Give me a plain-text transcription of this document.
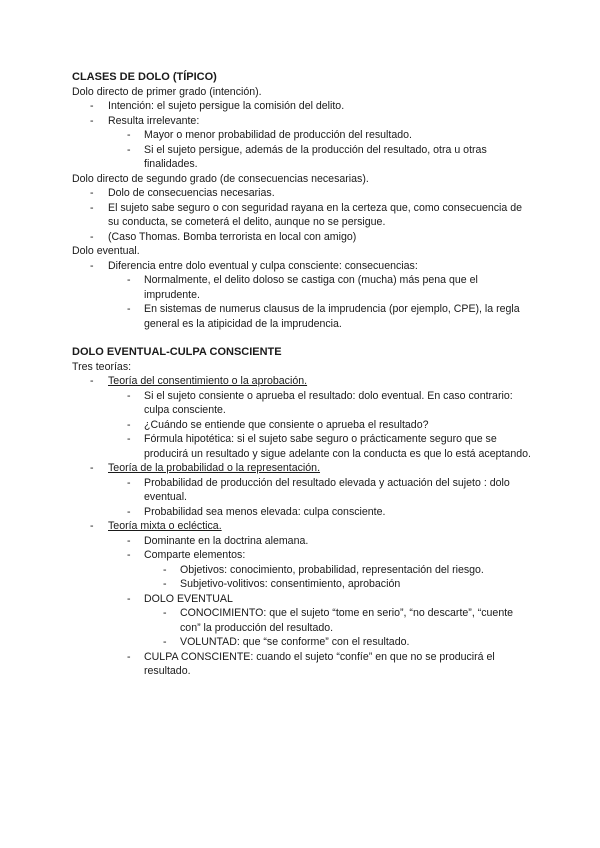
CLASES DE DOLO (TÍPICO)

Dolo directo de primer grado (intención).

-	Intención: el sujeto persigue la comisión del delito.

-	Resulta irrelevante:

-	Mayor o menor probabilidad de producción del resultado.

-	Si el sujeto persigue, además de la producción del resultado, otra u otras finalidades.

Dolo directo de segundo grado (de consecuencias necesarias).

-	Dolo de consecuencias necesarias.

-	El sujeto sabe seguro o con seguridad rayana en la certeza que, como consecuencia de su conducta, se cometerá el delito, aunque no se persigue.

-	(Caso Thomas. Bomba terrorista en local con amigo)

Dolo eventual.

-	Diferencia entre dolo eventual y culpa consciente: consecuencias:

-	Normalmente, el delito doloso se castiga con (mucha) más pena que el imprudente.

-	En sistemas de numerus clausus de la imprudencia (por ejemplo, CPE), la regla general es la atipicidad de la imprudencia.

DOLO EVENTUAL-CULPA CONSCIENTE

Tres teorías:

-	Teoría del consentimiento o la aprobación.

-	Si el sujeto consiente o aprueba el resultado: dolo eventual. En caso contrario: culpa consciente.

-	¿Cuándo se entiende que consiente o aprueba el resultado?

-	Fórmula hipotética: si el sujeto sabe seguro o prácticamente seguro que se producirá un resultado y sigue adelante con la conducta es que lo está aceptando.

-	Teoría de la probabilidad o la representación.

-	Probabilidad de producción del resultado elevada y actuación del sujeto : dolo eventual.

-	Probabilidad sea menos elevada: culpa consciente.

-	Teoría mixta o ecléctica.

-	Dominante en la doctrina alemana.

-	Comparte elementos:

-	Objetivos: conocimiento, probabilidad, representación del riesgo.

-	Subjetivo-volitivos: consentimiento, aprobación

-	DOLO EVENTUAL

-	CONOCIMIENTO: que el sujeto “tome en serio”, “no descarte”, “cuente con” la producción del resultado.

-	VOLUNTAD: que “se conforme” con el resultado.

-	CULPA CONSCIENTE: cuando el sujeto “confíe” en que no se producirá el resultado.
